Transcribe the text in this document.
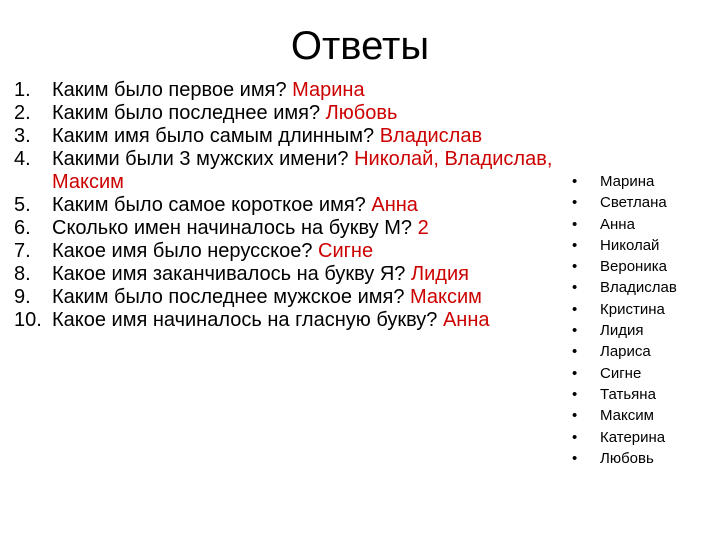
Ответы
1. Каким было первое имя? Марина
2. Каким было последнее имя? Любовь
3. Каким имя было самым длинным? Владислав
4. Какими были 3 мужских имени? Николай, Владислав, Максим
5. Каким было самое короткое имя? Анна
6. Сколько имен начиналось на букву М? 2
7. Какое имя было нерусское? Сигне
8. Какое имя заканчивалось на букву Я? Лидия
9. Каким было последнее мужское имя? Максим
10. Какое имя начиналось на гласную букву? Анна
• Марина
• Светлана
• Анна
• Николай
• Вероника
• Владислав
• Кристина
• Лидия
• Лариса
• Сигне
• Татьяна
• Максим
• Катерина
• Любовь
